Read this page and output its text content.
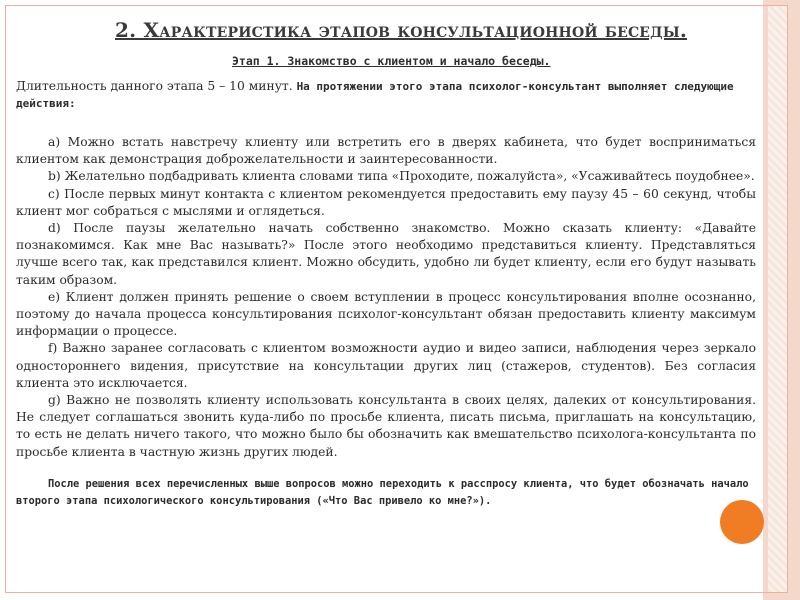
2. Характеристика этапов консультационной беседы.
Этап 1. Знакомство с клиентом и начало беседы.
Длительность данного этапа 5 – 10 минут. На протяжении этого этапа психолог-консультант выполняет следующие действия:

a) Можно встать навстречу клиенту или встретить его в дверях кабинета, что будет восприниматься клиентом как демонстрация доброжелательности и заинтересованности.

b) Желательно подбадривать клиента словами типа «Проходите, пожалуйста», «Усаживайтесь поудобнее».

c) После первых минут контакта с клиентом рекомендуется предоставить ему паузу 45 – 60 секунд, чтобы клиент мог собраться с мыслями и оглядеться.

d) После паузы желательно начать собственно знакомство. Можно сказать клиенту: «Давайте познакомимся. Как мне Вас называть?» После этого необходимо представиться клиенту. Представляться лучше всего так, как представился клиент. Можно обсудить, удобно ли будет клиенту, если его будут называть таким образом.

e) Клиент должен принять решение о своем вступлении в процесс консультирования вполне осознанно, поэтому до начала процесса консультирования психолог-консультант обязан предоставить клиенту максимум информации о процессе.

f) Важно заранее согласовать с клиентом возможности аудио и видео записи, наблюдения через зеркало одностороннего видения, присутствие на консультации других лиц (стажеров, студентов). Без согласия клиента это исключается.

g) Важно не позволять клиенту использовать консультанта в своих целях, далеких от консультирования. Не следует соглашаться звонить куда-либо по просьбе клиента, писать письма, приглашать на консультацию, то есть не делать ничего такого, что можно было бы обозначить как вмешательство психолога-консультанта по просьбе клиента в частную жизнь других людей.

После решения всех перечисленных выше вопросов можно переходить к расспросу клиента, что будет обозначать начало второго этапа психологического консультирования («Что Вас привело ко мне?»).
